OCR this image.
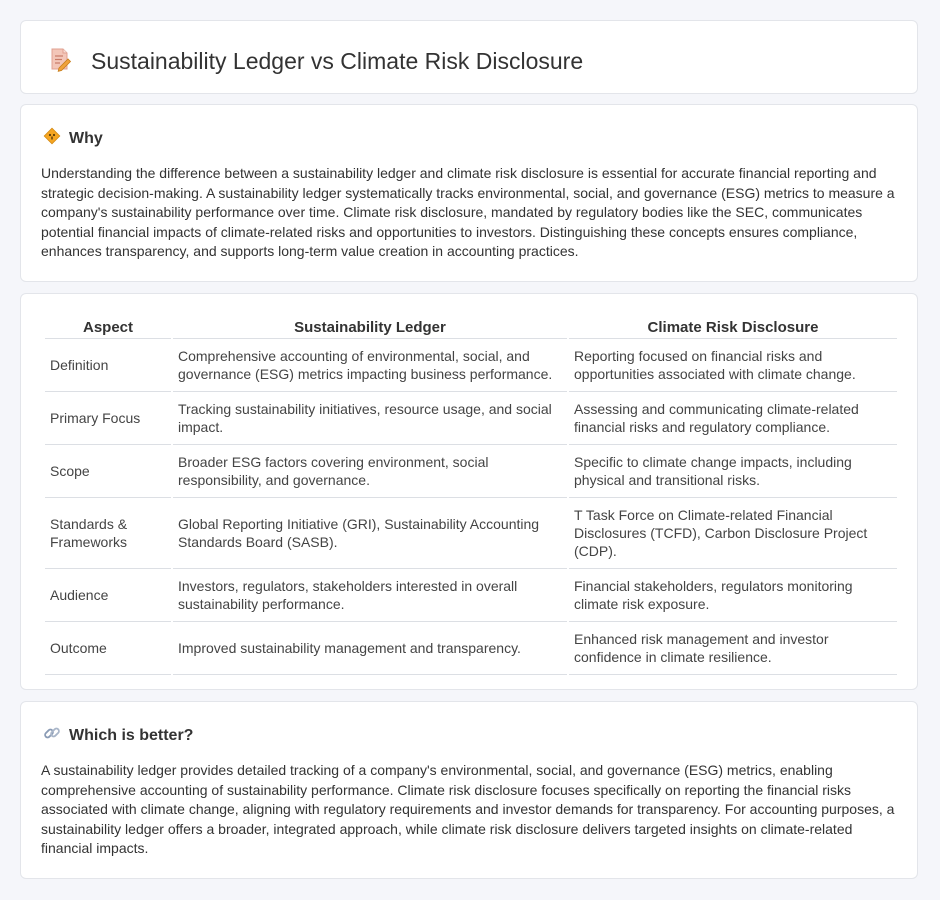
Sustainability Ledger vs Climate Risk Disclosure
Why

Understanding the difference between a sustainability ledger and climate risk disclosure is essential for accurate financial reporting and strategic decision-making. A sustainability ledger systematically tracks environmental, social, and governance (ESG) metrics to measure a company's sustainability performance over time. Climate risk disclosure, mandated by regulatory bodies like the SEC, communicates potential financial impacts of climate-related risks and opportunities to investors. Distinguishing these concepts ensures compliance, enhances transparency, and supports long-term value creation in accounting practices.

Aspect	Sustainability Ledger	Climate Risk Disclosure
Definition	Comprehensive accounting of environmental, social, and governance (ESG) metrics impacting business performance.	Reporting focused on financial risks and opportunities associated with climate change.
Primary Focus	Tracking sustainability initiatives, resource usage, and social impact.	Assessing and communicating climate-related financial risks and regulatory compliance.
Scope	Broader ESG factors covering environment, social responsibility, and governance.	Specific to climate change impacts, including physical and transitional risks.
Standards & Frameworks	Global Reporting Initiative (GRI), Sustainability Accounting Standards Board (SASB).	T Task Force on Climate-related Financial Disclosures (TCFD), Carbon Disclosure Project (CDP).
Audience	Investors, regulators, stakeholders interested in overall sustainability performance.	Financial stakeholders, regulators monitoring climate risk exposure.
Outcome	Improved sustainability management and transparency.	Enhanced risk management and investor confidence in climate resilience.
Which is better?

A sustainability ledger provides detailed tracking of a company's environmental, social, and governance (ESG) metrics, enabling comprehensive accounting of sustainability performance. Climate risk disclosure focuses specifically on reporting the financial risks associated with climate change, aligning with regulatory requirements and investor demands for transparency. For accounting purposes, a sustainability ledger offers a broader, integrated approach, while climate risk disclosure delivers targeted insights on climate-related financial impacts.
